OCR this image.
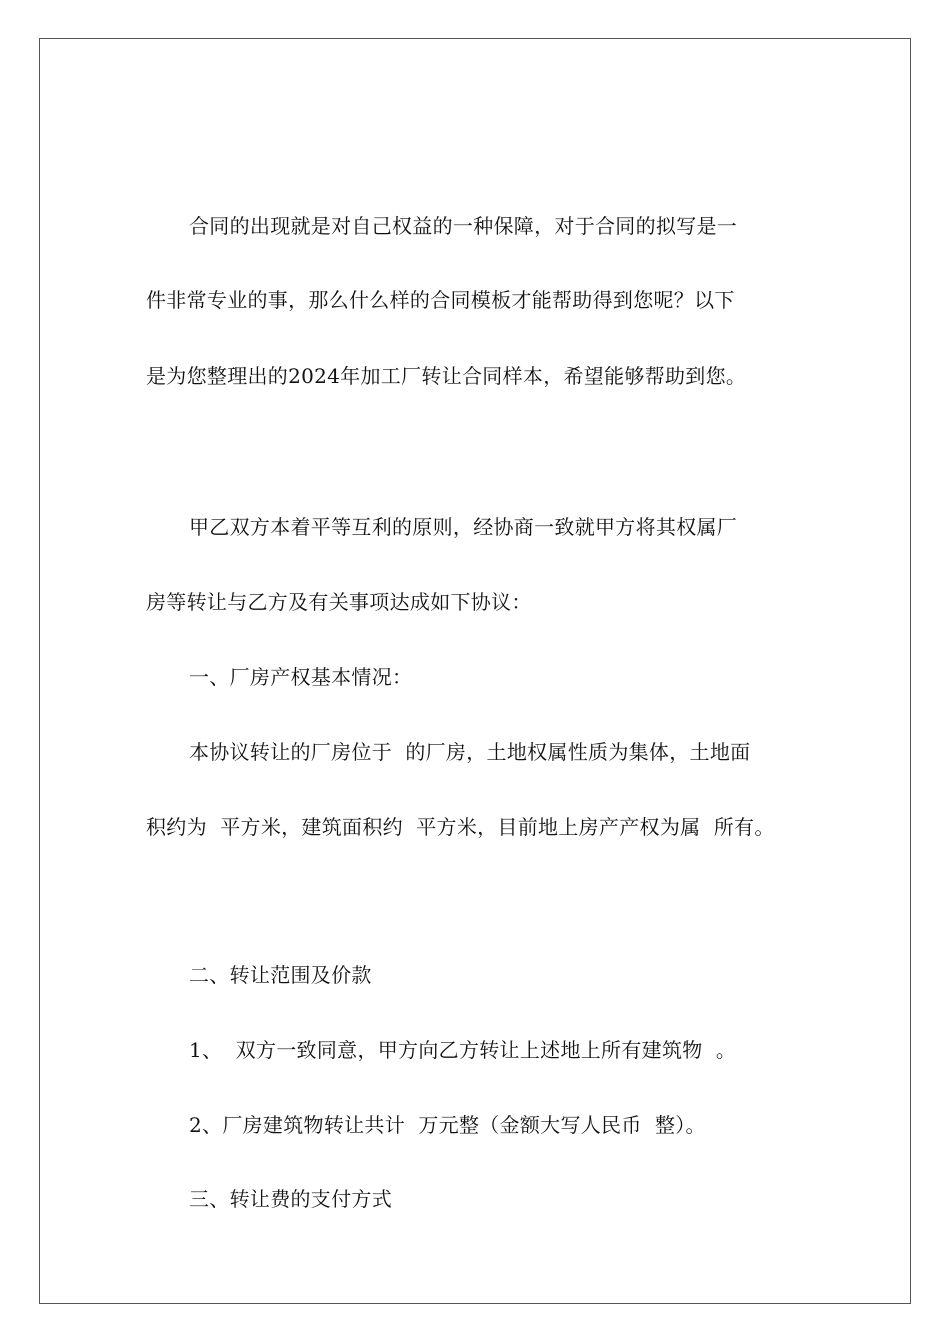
合同的出现就是对自己权益的一种保障，对于合同的拟写是一
件非常专业的事，那么什么样的合同模板才能帮助得到您呢？以下
是为您整理出的2024年加工厂转让合同样本，希望能够帮助到您。
甲乙双方本着平等互利的原则，经协商一致就甲方将其权属厂
房等转让与乙方及有关事项达成如下协议：
一、厂房产权基本情况：
本协议转让的厂房位于  的厂房，土地权属性质为集体，土地面
积约为  平方米，建筑面积约  平方米，目前地上房产产权为属  所有。
二、转让范围及价款
1、  双方一致同意，甲方向乙方转让上述地上所有建筑物  。
2、厂房建筑物转让共计  万元整（金额大写人民币  整）。
三、转让费的支付方式
